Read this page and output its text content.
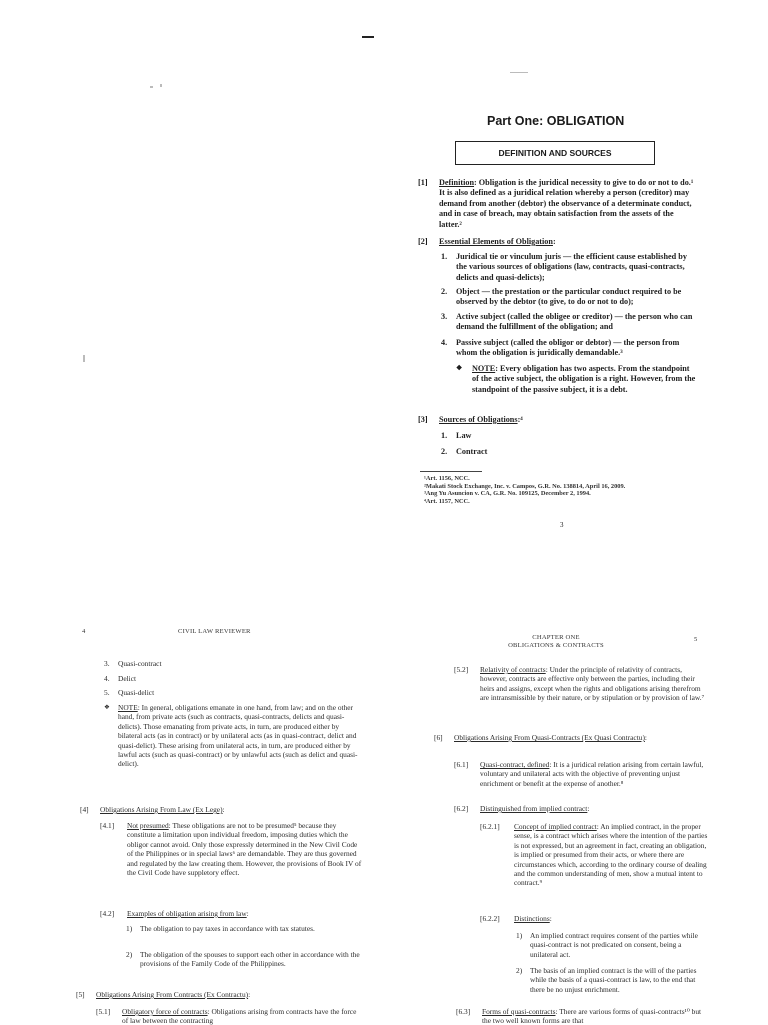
Part One: OBLIGATION
DEFINITION AND SOURCES
[1] Definition: Obligation is the juridical necessity to give to do or not to do.¹ It is also defined as a juridical relation whereby a person (creditor) may demand from another (debtor) the observance of a determinate conduct, and in case of breach, may obtain satisfaction from the assets of the latter.²
[2] Essential Elements of Obligation:
1. Juridical tie or vinculum juris — the efficient cause established by the various sources of obligations (law, contracts, quasi-contracts, delicts and quasi-delicts);
2. Object — the prestation or the particular conduct required to be observed by the debtor (to give, to do or not to do);
3. Active subject (called the obligee or creditor) — the person who can demand the fulfillment of the obligation; and
4. Passive subject (called the obligor or debtor) — the person from whom the obligation is juridically demandable.³
❖ NOTE: Every obligation has two aspects. From the standpoint of the active subject, the obligation is a right. However, from the standpoint of the passive subject, it is a debt.
[3] Sources of Obligations:⁴
1. Law
2. Contract
¹Art. 1156, NCC.
²Makati Stock Exchange, Inc. v. Campos, G.R. No. 138814, April 16, 2009.
³Ang Yu Asuncion v. CA, G.R. No. 109125, December 2, 1994.
⁴Art. 1157, NCC.
3
4	CIVIL LAW REVIEWER
3. Quasi-contract
4. Delict
5. Quasi-delict
❖ NOTE: In general, obligations emanate in one hand, from law; and on the other hand, from private acts (such as contracts, quasi-contracts, delicts and quasi-delicts). Those emanating from private acts, in turn, are produced either by bilateral acts (as in contract) or by unilateral acts (as in quasi-contract, delict and quasi-delict). These arising from unilateral acts, in turn, are produced either by lawful acts (such as quasi-contract) or by unlawful acts (such as delict and quasi-delict).
[4] Obligations Arising From Law (Ex Lege):
[4.1] Not presumed: These obligations are not to be presumed⁵ because they constitute a limitation upon individual freedom, imposing duties which the obligor cannot avoid. Only those expressly determined in the New Civil Code of the Philippines or in special laws⁶ are demandable. They are thus governed and regulated by the law creating them. However, the provisions of Book IV of the Civil Code have suppletory effect.
[4.2] Examples of obligation arising from law:
1) The obligation to pay taxes in accordance with tax statutes.
2) The obligation of the spouses to support each other in accordance with the provisions of the Family Code of the Philippines.
[5] Obligations Arising From Contracts (Ex Contractu):
[5.1] Obligatory force of contracts: Obligations arising from contracts have the force of law between the contracting
CHAPTER ONE
OBLIGATIONS & CONTRACTS
5
[5.2] Relativity of contracts: Under the principle of relativity of contracts, however, contracts are effective only between the parties, including their heirs and assigns, except when the rights and obligations arising therefrom are intransmissible by their nature, or by stipulation or by provision of law.⁷
[6] Obligations Arising From Quasi-Contracts (Ex Quasi Contractu):
[6.1] Quasi-contract, defined: It is a juridical relation arising from certain lawful, voluntary and unilateral acts with the objective of preventing unjust enrichment or benefit at the expense of another.⁸
[6.2] Distinguished from implied contract:
[6.2.1] Concept of implied contract: An implied contract, in the proper sense, is a contract which arises where the intention of the parties is not expressed, but an agreement in fact, creating an obligation, is implied or presumed from their acts, or where there are circumstances which, according to the ordinary course of dealing and the common understanding of men, show a mutual intent to contract.⁹
[6.2.2] Distinctions:
1) An implied contract requires consent of the parties while quasi-contract is not predicated on consent, being a unilateral act.
2) The basis of an implied contract is the will of the parties while the basis of a quasi-contract is law, to the end that there be no unjust enrichment.
[6.3] Forms of quasi-contracts: There are various forms of quasi-contracts¹⁰ but the two well known forms are that
